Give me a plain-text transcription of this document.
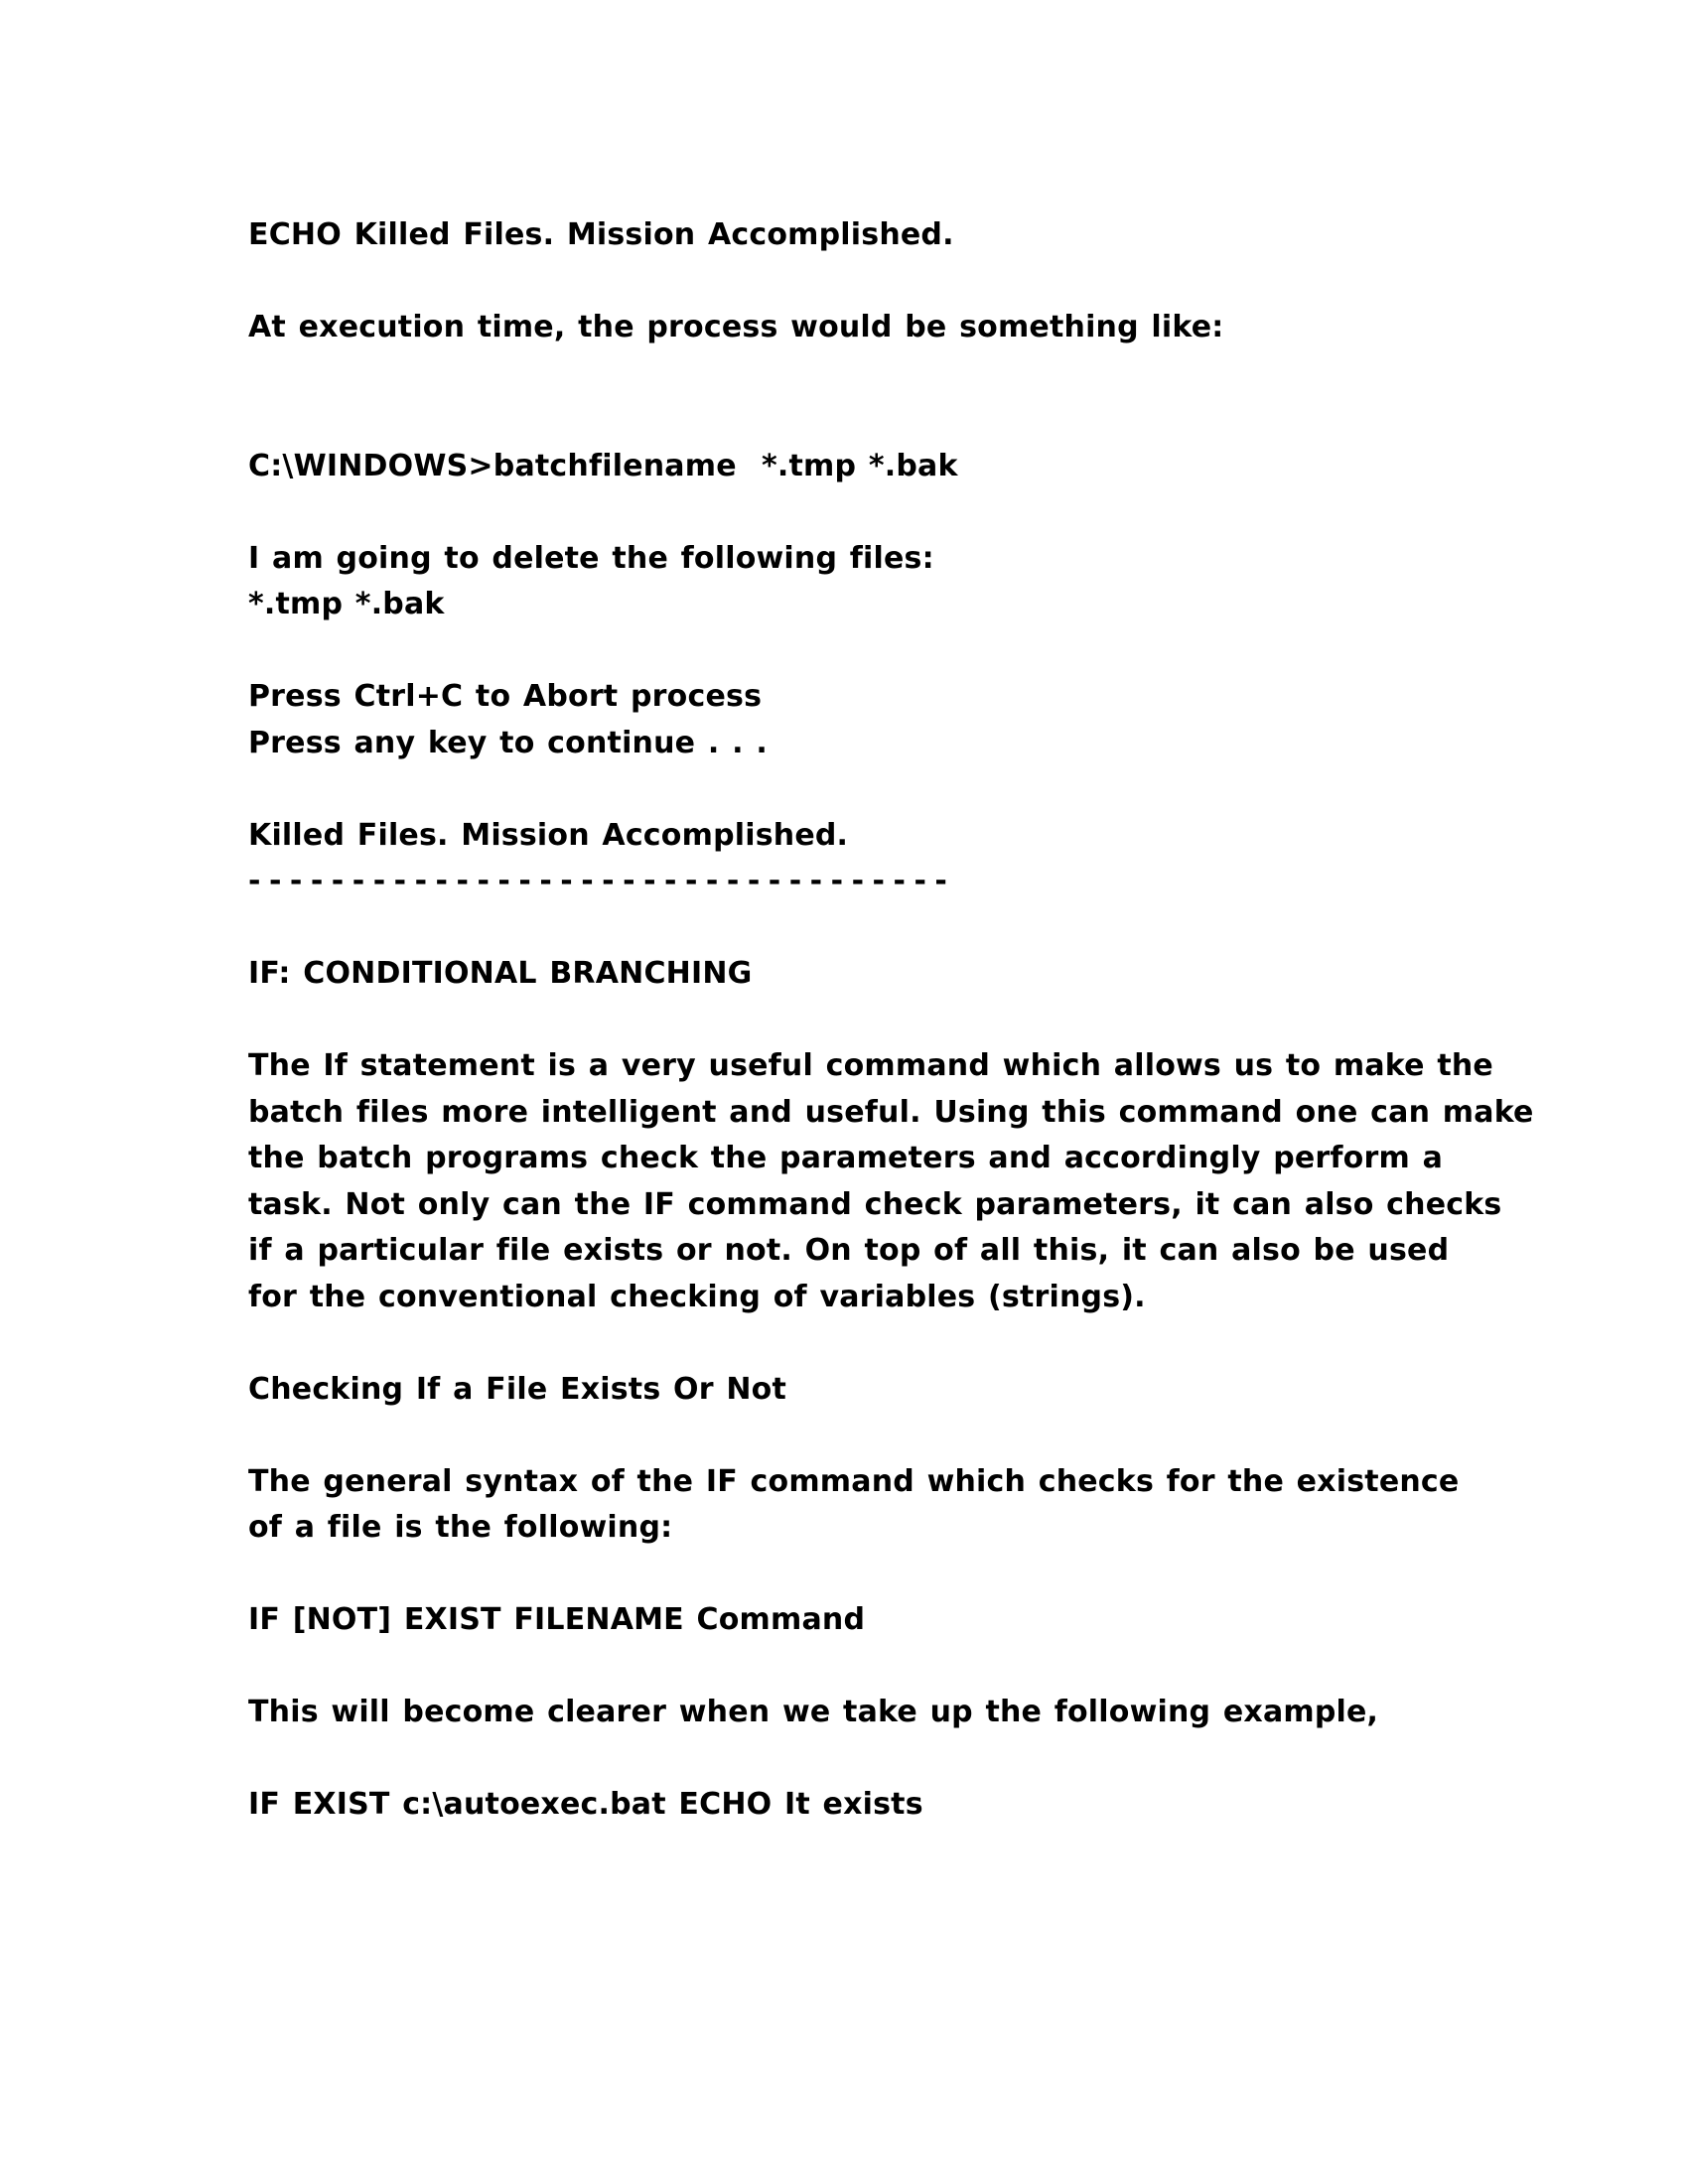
ECHO Killed Files. Mission Accomplished.
At execution time, the process would be something like:
C:\WINDOWS>batchfilename  *.tmp *.bak
I am going to delete the following files:
*.tmp *.bak
Press Ctrl+C to Abort process
Press any key to continue . . .
Killed Files. Mission Accomplished.
----------------------------------
IF: CONDITIONAL BRANCHING
The If statement is a very useful command which allows us to make the
batch files more intelligent and useful. Using this command one can make
the batch programs check the parameters and accordingly perform a
task. Not only can the IF command check parameters, it can also checks
if a particular file exists or not. On top of all this, it can also be used
for the conventional checking of variables (strings).
Checking If a File Exists Or Not
The general syntax of the IF command which checks for the existence
of a file is the following:
IF [NOT] EXIST FILENAME Command
This will become clearer when we take up the following example,
IF EXIST c:\autoexec.bat ECHO It exists
